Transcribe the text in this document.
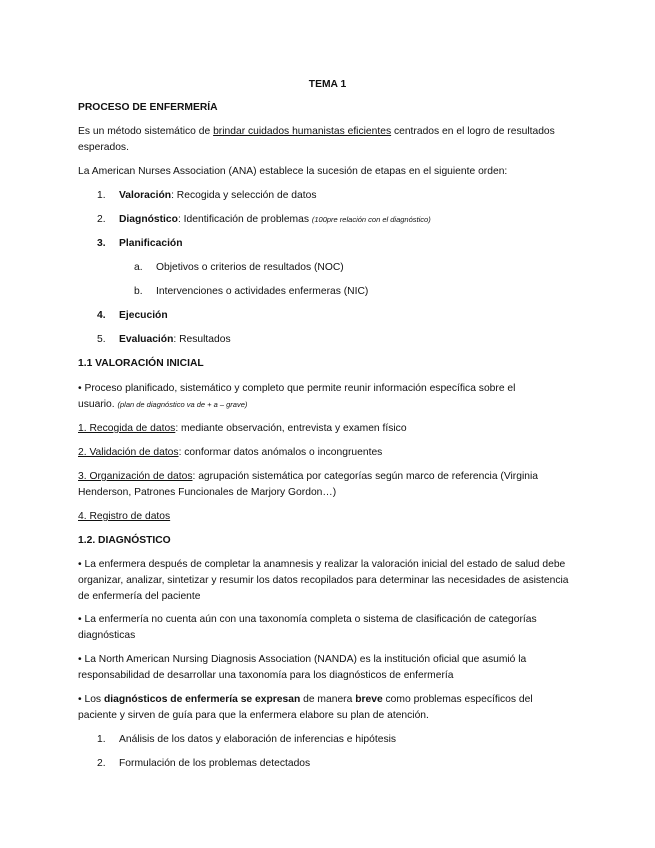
TEMA 1
PROCESO DE ENFERMERÍA
Es un método sistemático de brindar cuidados humanistas eficientes centrados en el logro de resultados esperados.
La American Nurses Association (ANA) establece la sucesión de etapas en el siguiente orden:
1. Valoración: Recogida y selección de datos
2. Diagnóstico: Identificación de problemas (100pre relación con el diagnóstico)
3. Planificación
a. Objetivos o criterios de resultados (NOC)
b. Intervenciones o actividades enfermeras (NIC)
4. Ejecución
5. Evaluación: Resultados
1.1 VALORACIÓN INICIAL
• Proceso planificado, sistemático y completo que permite reunir información específica sobre el usuario. (plan de diagnóstico va de + a – grave)
1. Recogida de datos: mediante observación, entrevista y examen físico
2. Validación de datos: conformar datos anómalos o incongruentes
3. Organización de datos: agrupación sistemática por categorías según marco de referencia (Virginia Henderson, Patrones Funcionales de Marjory Gordon…)
4. Registro de datos
1.2. DIAGNÓSTICO
• La enfermera después de completar la anamnesis y realizar la valoración inicial del estado de salud debe organizar, analizar, sintetizar y resumir los datos recopilados para determinar las necesidades de asistencia de enfermería del paciente
• La enfermería no cuenta aún con una taxonomía completa o sistema de clasificación de categorías diagnósticas
• La North American Nursing Diagnosis Association (NANDA) es la institución oficial que asumió la responsabilidad de desarrollar una taxonomía para los diagnósticos de enfermería
• Los diagnósticos de enfermería se expresan de manera breve como problemas específicos del paciente y sirven de guía para que la enfermera elabore su plan de atención.
1. Análisis de los datos y elaboración de inferencias e hipótesis
2. Formulación de los problemas detectados
